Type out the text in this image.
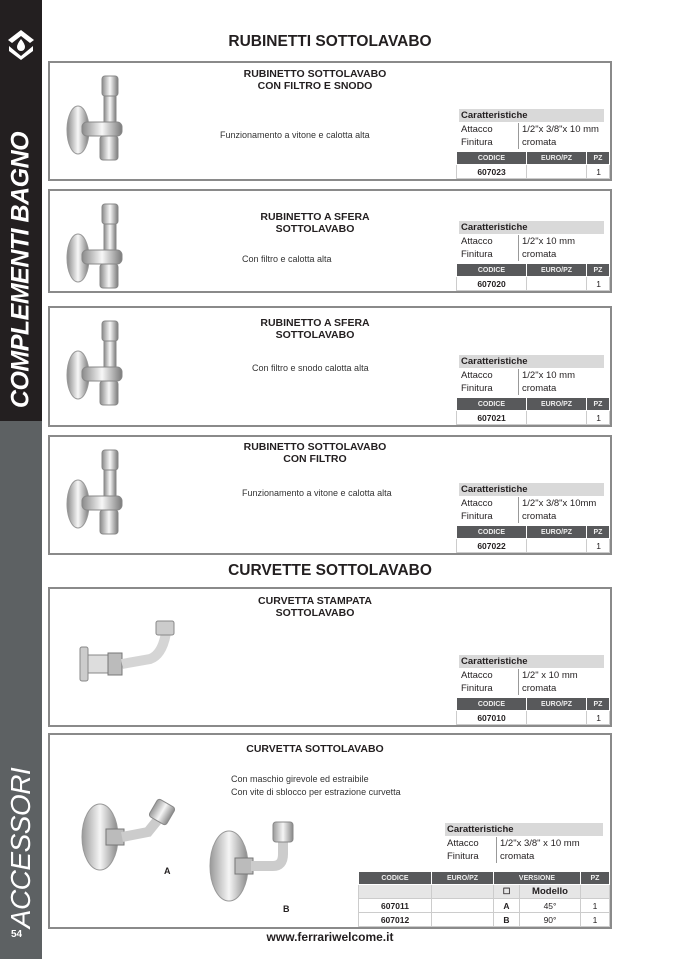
COMPLEMENTI BAGNO
ACCESSORI
54
RUBINETTI SOTTOLAVABO
CURVETTE SOTTOLAVABO
RUBINETTO SOTTOLAVABO
CON FILTRO E SNODO
Funzionamento a vitone e calotta alta
Caratteristiche
Attacco	1/2"x 3/8"x 10 mm
Finitura	cromata
CODICE	EURO/PZ	PZ
607023		1
RUBINETTO A SFERA
SOTTOLAVABO
Con filtro e calotta alta
Caratteristiche
Attacco	1/2"x 10 mm
Finitura	cromata
CODICE	EURO/PZ	PZ
607020		1
RUBINETTO A SFERA
SOTTOLAVABO
Con filtro e snodo calotta alta
Caratteristiche
Attacco	1/2"x 10 mm
Finitura	cromata
CODICE	EURO/PZ	PZ
607021		1
RUBINETTO SOTTOLAVABO
CON FILTRO
Funzionamento a vitone e calotta alta	Caratteristiche
Attacco	1/2"x 3/8"x 10mm
Finitura	cromata
CODICE	EURO/PZ	PZ
607022		1
CURVETTA STAMPATA
SOTTOLAVABO
Caratteristiche
Attacco	1/2" x 10 mm
Finitura	cromata
CODICE	EURO/PZ	PZ
607010		1
CURVETTA SOTTOLAVABO
Con maschio girevole ed estraibile
Con vite di sblocco per estrazione curvetta
A
B
Caratteristiche
Attacco	1/2"x 3/8" x 10 mm
Finitura	cromata
CODICE	EURO/PZ	VERSIONE		PZ
		☐	Modello	
607011		A	45°	1
607012		B	90°	1
www.ferrariwelcome.it
